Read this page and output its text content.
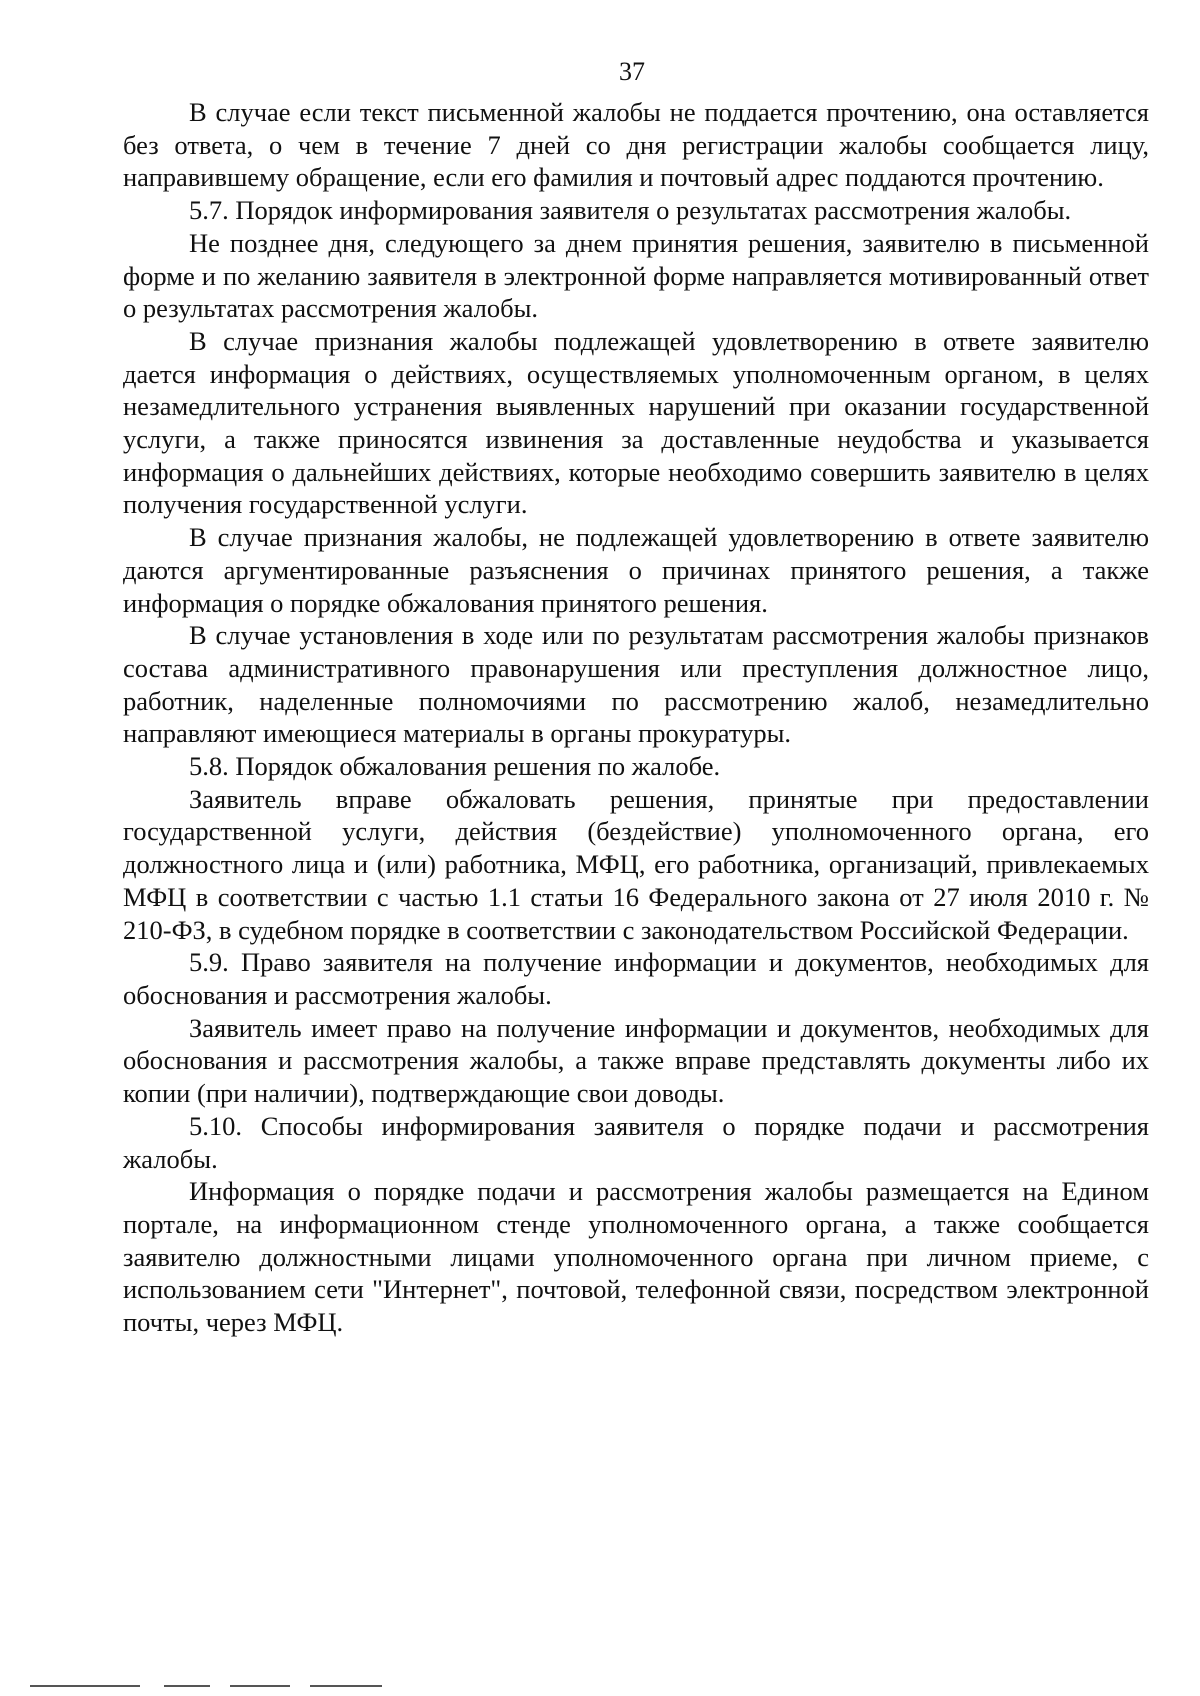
37

В случае если текст письменной жалобы не поддается прочтению, она оставляется без ответа, о чем в течение 7 дней со дня регистрации жалобы сообщается лицу, направившему обращение, если его фамилия и почтовый адрес поддаются прочтению.

5.7. Порядок информирования заявителя о результатах рассмотрения жалобы.

Не позднее дня, следующего за днем принятия решения, заявителю в письменной форме и по желанию заявителя в электронной форме направляется мотивированный ответ о результатах рассмотрения жалобы.

В случае признания жалобы подлежащей удовлетворению в ответе заявителю дается информация о действиях, осуществляемых уполномоченным органом, в целях незамедлительного устранения выявленных нарушений при оказании государственной услуги, а также приносятся извинения за доставленные неудобства и указывается информация о дальнейших действиях, которые необходимо совершить заявителю в целях получения государственной услуги.

В случае признания жалобы, не подлежащей удовлетворению в ответе заявителю даются аргументированные разъяснения о причинах принятого решения, а также информация о порядке обжалования принятого решения.

В случае установления в ходе или по результатам рассмотрения жалобы признаков состава административного правонарушения или преступления должностное лицо, работник, наделенные полномочиями по рассмотрению жалоб, незамедлительно направляют имеющиеся материалы в органы прокуратуры.

5.8. Порядок обжалования решения по жалобе.

Заявитель вправе обжаловать решения, принятые при предоставлении государственной услуги, действия (бездействие) уполномоченного органа, его должностного лица и (или) работника, МФЦ, его работника, организаций, привлекаемых МФЦ в соответствии с частью 1.1 статьи 16 Федерального закона от 27 июля 2010 г. № 210-ФЗ, в судебном порядке в соответствии с законодательством Российской Федерации.

5.9. Право заявителя на получение информации и документов, необходимых для обоснования и рассмотрения жалобы.

Заявитель имеет право на получение информации и документов, необходимых для обоснования и рассмотрения жалобы, а также вправе представлять документы либо их копии (при наличии), подтверждающие свои доводы.

5.10. Способы информирования заявителя о порядке подачи и рассмотрения жалобы.

Информация о порядке подачи и рассмотрения жалобы размещается на Едином портале, на информационном стенде уполномоченного органа, а также сообщается заявителю должностными лицами уполномоченного органа при личном приеме, с использованием сети "Интернет", почтовой, телефонной связи, посредством электронной почты, через МФЦ.
